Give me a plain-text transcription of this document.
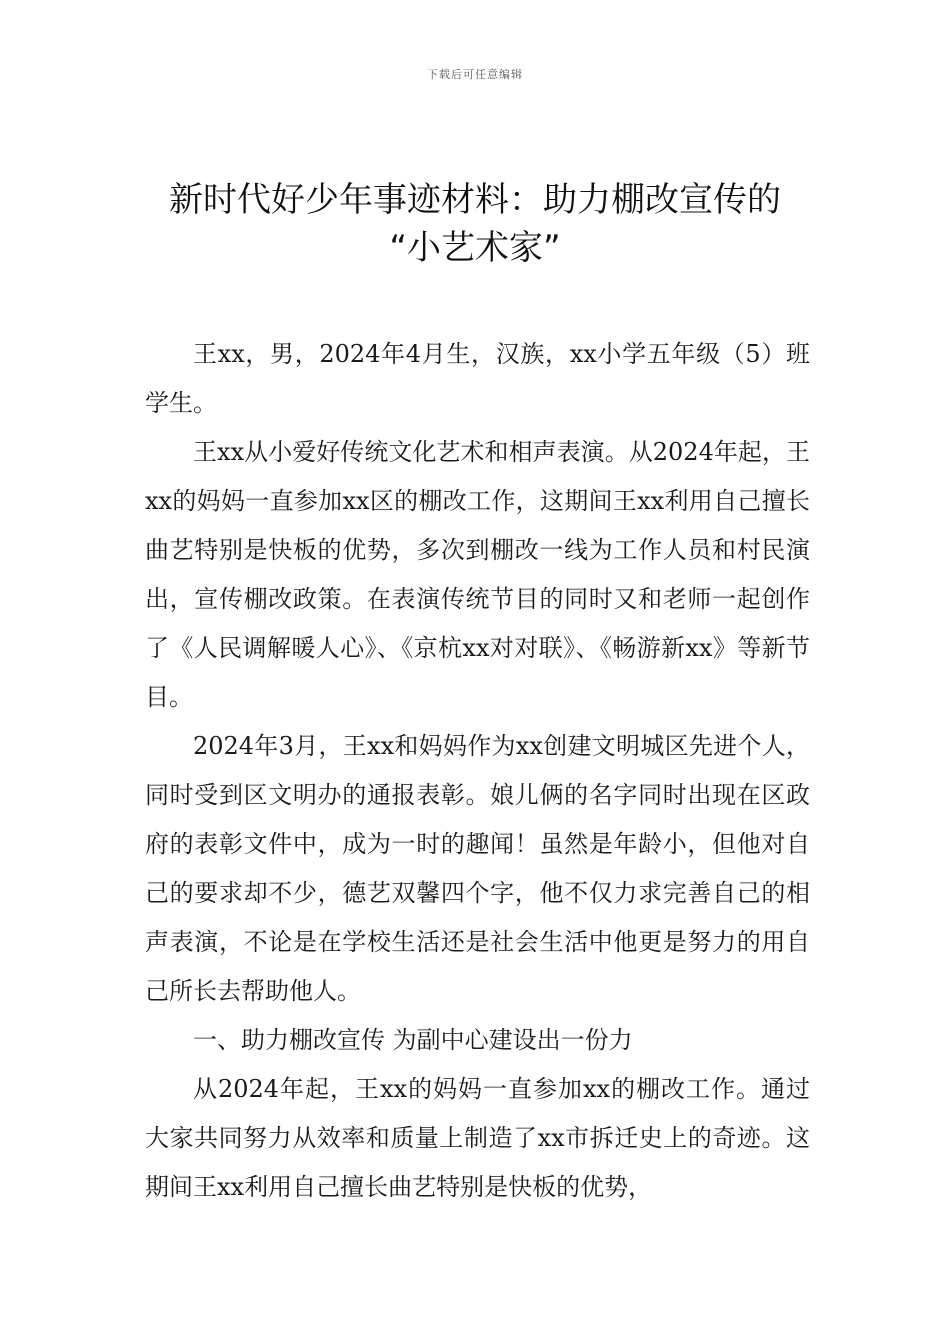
下载后可任意编辑
新时代好少年事迹材料：助力棚改宣传的
“小艺术家”

王xx，男，2024年4月生，汉族，xx小学五年级（5）班学生。

王xx从小爱好传统文化艺术和相声表演。从2024年起，王xx的妈妈一直参加xx区的棚改工作，这期间王xx利用自己擅长曲艺特别是快板的优势，多次到棚改一线为工作人员和村民演出，宣传棚改政策。在表演传统节目的同时又和老师一起创作了《人民调解暖人心》、《京杭xx对对联》、《畅游新xx》等新节目。

2024年3月，王xx和妈妈作为xx创建文明城区先进个人，同时受到区文明办的通报表彰。娘儿俩的名字同时出现在区政府的表彰文件中，成为一时的趣闻！虽然是年龄小，但他对自己的要求却不少，德艺双馨四个字，他不仅力求完善自己的相声表演，不论是在学校生活还是社会生活中他更是努力的用自己所长去帮助他人。

一、助力棚改宣传 为副中心建设出一份力

从2024年起，王xx的妈妈一直参加xx的棚改工作。通过大家共同努力从效率和质量上制造了xx市拆迁史上的奇迹。这期间王xx利用自己擅长曲艺特别是快板的优势，
